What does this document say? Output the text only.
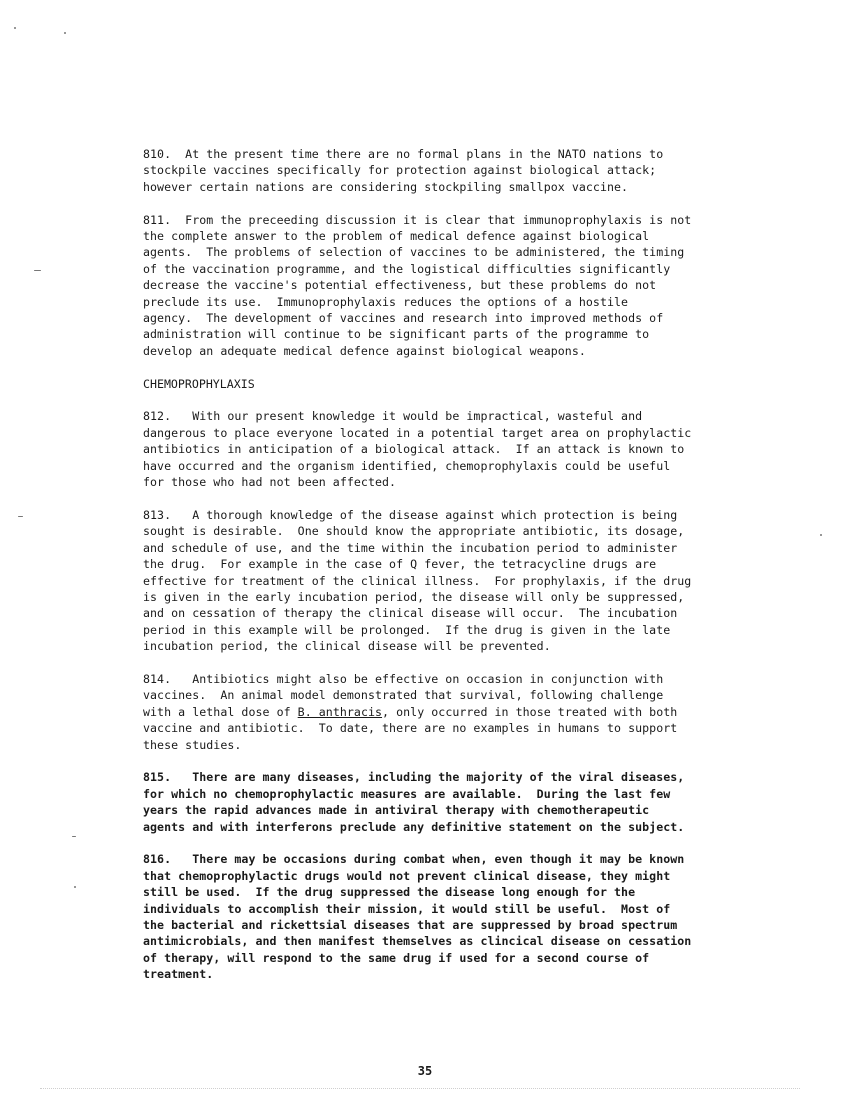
810.  At the present time there are no formal plans in the NATO nations to
stockpile vaccines specifically for protection against biological attack;
however certain nations are considering stockpiling smallpox vaccine.

811.  From the preceeding discussion it is clear that immunoprophylaxis is not
the complete answer to the problem of medical defence against biological
agents.  The problems of selection of vaccines to be administered, the timing
of the vaccination programme, and the logistical difficulties significantly
decrease the vaccine's potential effectiveness, but these problems do not
preclude its use.  Immunoprophylaxis reduces the options of a hostile
agency.  The development of vaccines and research into improved methods of
administration will continue to be significant parts of the programme to
develop an adequate medical defence against biological weapons.

CHEMOPROPHYLAXIS

812.   With our present knowledge it would be impractical, wasteful and
dangerous to place everyone located in a potential target area on prophylactic
antibiotics in anticipation of a biological attack.  If an attack is known to
have occurred and the organism identified, chemoprophylaxis could be useful
for those who had not been affected.

813.   A thorough knowledge of the disease against which protection is being
sought is desirable.  One should know the appropriate antibiotic, its dosage,
and schedule of use, and the time within the incubation period to administer
the drug.  For example in the case of Q fever, the tetracycline drugs are
effective for treatment of the clinical illness.  For prophylaxis, if the drug
is given in the early incubation period, the disease will only be suppressed,
and on cessation of therapy the clinical disease will occur.  The incubation
period in this example will be prolonged.  If the drug is given in the late
incubation period, the clinical disease will be prevented.

814.   Antibiotics might also be effective on occasion in conjunction with
vaccines.  An animal model demonstrated that survival, following challenge
with a lethal dose of B. anthracis, only occurred in those treated with both
vaccine and antibiotic.  To date, there are no examples in humans to support
these studies.

815.   There are many diseases, including the majority of the viral diseases,
for which no chemoprophylactic measures are available.  During the last few
years the rapid advances made in antiviral therapy with chemotherapeutic
agents and with interferons preclude any definitive statement on the subject.

816.   There may be occasions during combat when, even though it may be known
that chemoprophylactic drugs would not prevent clinical disease, they might
still be used.  If the drug suppressed the disease long enough for the
individuals to accomplish their mission, it would still be useful.  Most of
the bacterial and rickettsial diseases that are suppressed by broad spectrum
antimicrobials, and then manifest themselves as clincical disease on cessation
of therapy, will respond to the same drug if used for a second course of
treatment.

35
